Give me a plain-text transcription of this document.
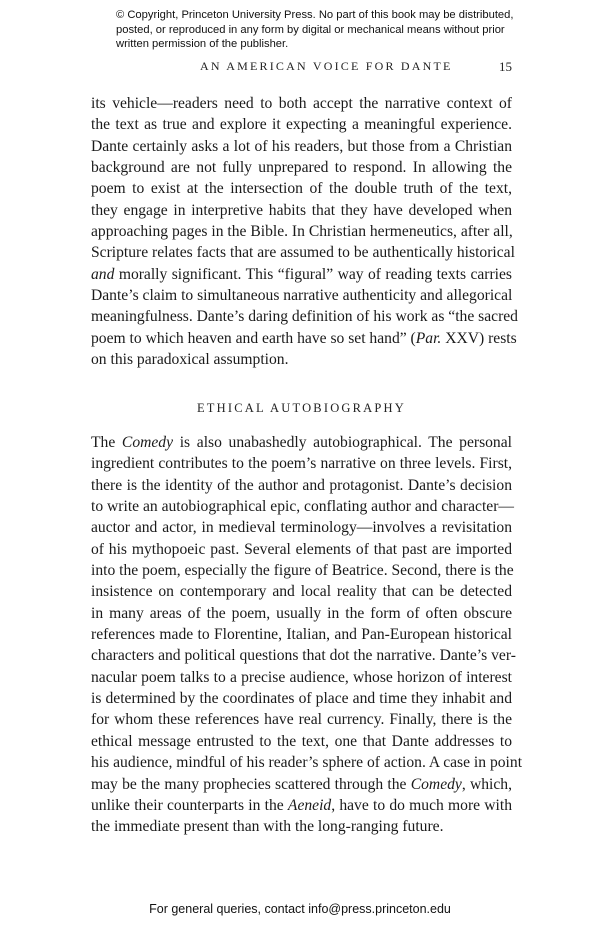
© Copyright, Princeton University Press. No part of this book may be distributed, posted, or reproduced in any form by digital or mechanical means without prior written permission of the publisher.
AN AMERICAN VOICE FOR DANTE	15
its vehicle—readers need to both accept the narrative context of
the text as true and explore it expecting a meaningful experience.
Dante certainly asks a lot of his readers, but those from a Christian
background are not fully unprepared to respond. In allowing the
poem to exist at the intersection of the double truth of the text,
they engage in interpretive habits that they have developed when
approaching pages in the Bible. In Christian hermeneutics, after all,
Scripture relates facts that are assumed to be authentically historical
and morally significant. This “figural” way of reading texts carries
Dante’s claim to simultaneous narrative authenticity and allegorical
meaningfulness. Dante’s daring definition of his work as “the sacred
poem to which heaven and earth have so set hand” (Par. XXV) rests
on this paradoxical assumption.
ETHICAL AUTOBIOGRAPHY
The Comedy is also unabashedly autobiographical. The personal
ingredient contributes to the poem’s narrative on three levels. First,
there is the identity of the author and protagonist. Dante’s decision
to write an autobiographical epic, conflating author and character—
auctor and actor, in medieval terminology—involves a revisitation
of his mythopoeic past. Several elements of that past are imported
into the poem, especially the figure of Beatrice. Second, there is the
insistence on contemporary and local reality that can be detected
in many areas of the poem, usually in the form of often obscure
references made to Florentine, Italian, and Pan-European historical
characters and political questions that dot the narrative. Dante’s ver-
nacular poem talks to a precise audience, whose horizon of interest
is determined by the coordinates of place and time they inhabit and
for whom these references have real currency. Finally, there is the
ethical message entrusted to the text, one that Dante addresses to
his audience, mindful of his reader’s sphere of action. A case in point
may be the many prophecies scattered through the Comedy, which,
unlike their counterparts in the Aeneid, have to do much more with
the immediate present than with the long-ranging future.
For general queries, contact info@press.princeton.edu
